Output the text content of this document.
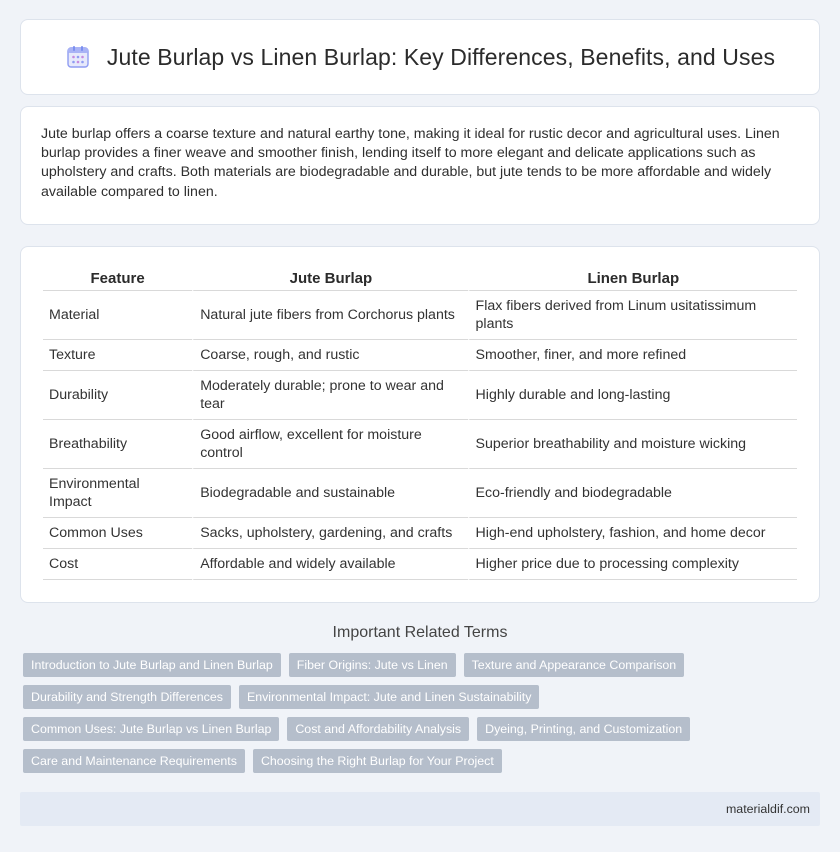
Jute Burlap vs Linen Burlap: Key Differences, Benefits, and Uses

Jute burlap offers a coarse texture and natural earthy tone, making it ideal for rustic decor and agricultural uses. Linen burlap provides a finer weave and smoother finish, lending itself to more elegant and delicate applications such as upholstery and crafts. Both materials are biodegradable and durable, but jute tends to be more affordable and widely available compared to linen.

Feature	Jute Burlap	Linen Burlap
Material	Natural jute fibers from Corchorus plants	Flax fibers derived from Linum usitatissimum plants
Texture	Coarse, rough, and rustic	Smoother, finer, and more refined
Durability	Moderately durable; prone to wear and tear	Highly durable and long-lasting
Breathability	Good airflow, excellent for moisture control	Superior breathability and moisture wicking
Environmental Impact	Biodegradable and sustainable	Eco-friendly and biodegradable
Common Uses	Sacks, upholstery, gardening, and crafts	High-end upholstery, fashion, and home decor
Cost	Affordable and widely available	Higher price due to processing complexity
Important Related Terms
Introduction to Jute Burlap and Linen Burlap	Fiber Origins: Jute vs Linen	Texture and Appearance Comparison
Durability and Strength Differences	Environmental Impact: Jute and Linen Sustainability
Common Uses: Jute Burlap vs Linen Burlap	Cost and Affordability Analysis	Dyeing, Printing, and Customization
Care and Maintenance Requirements	Choosing the Right Burlap for Your Project
materialdif.com
